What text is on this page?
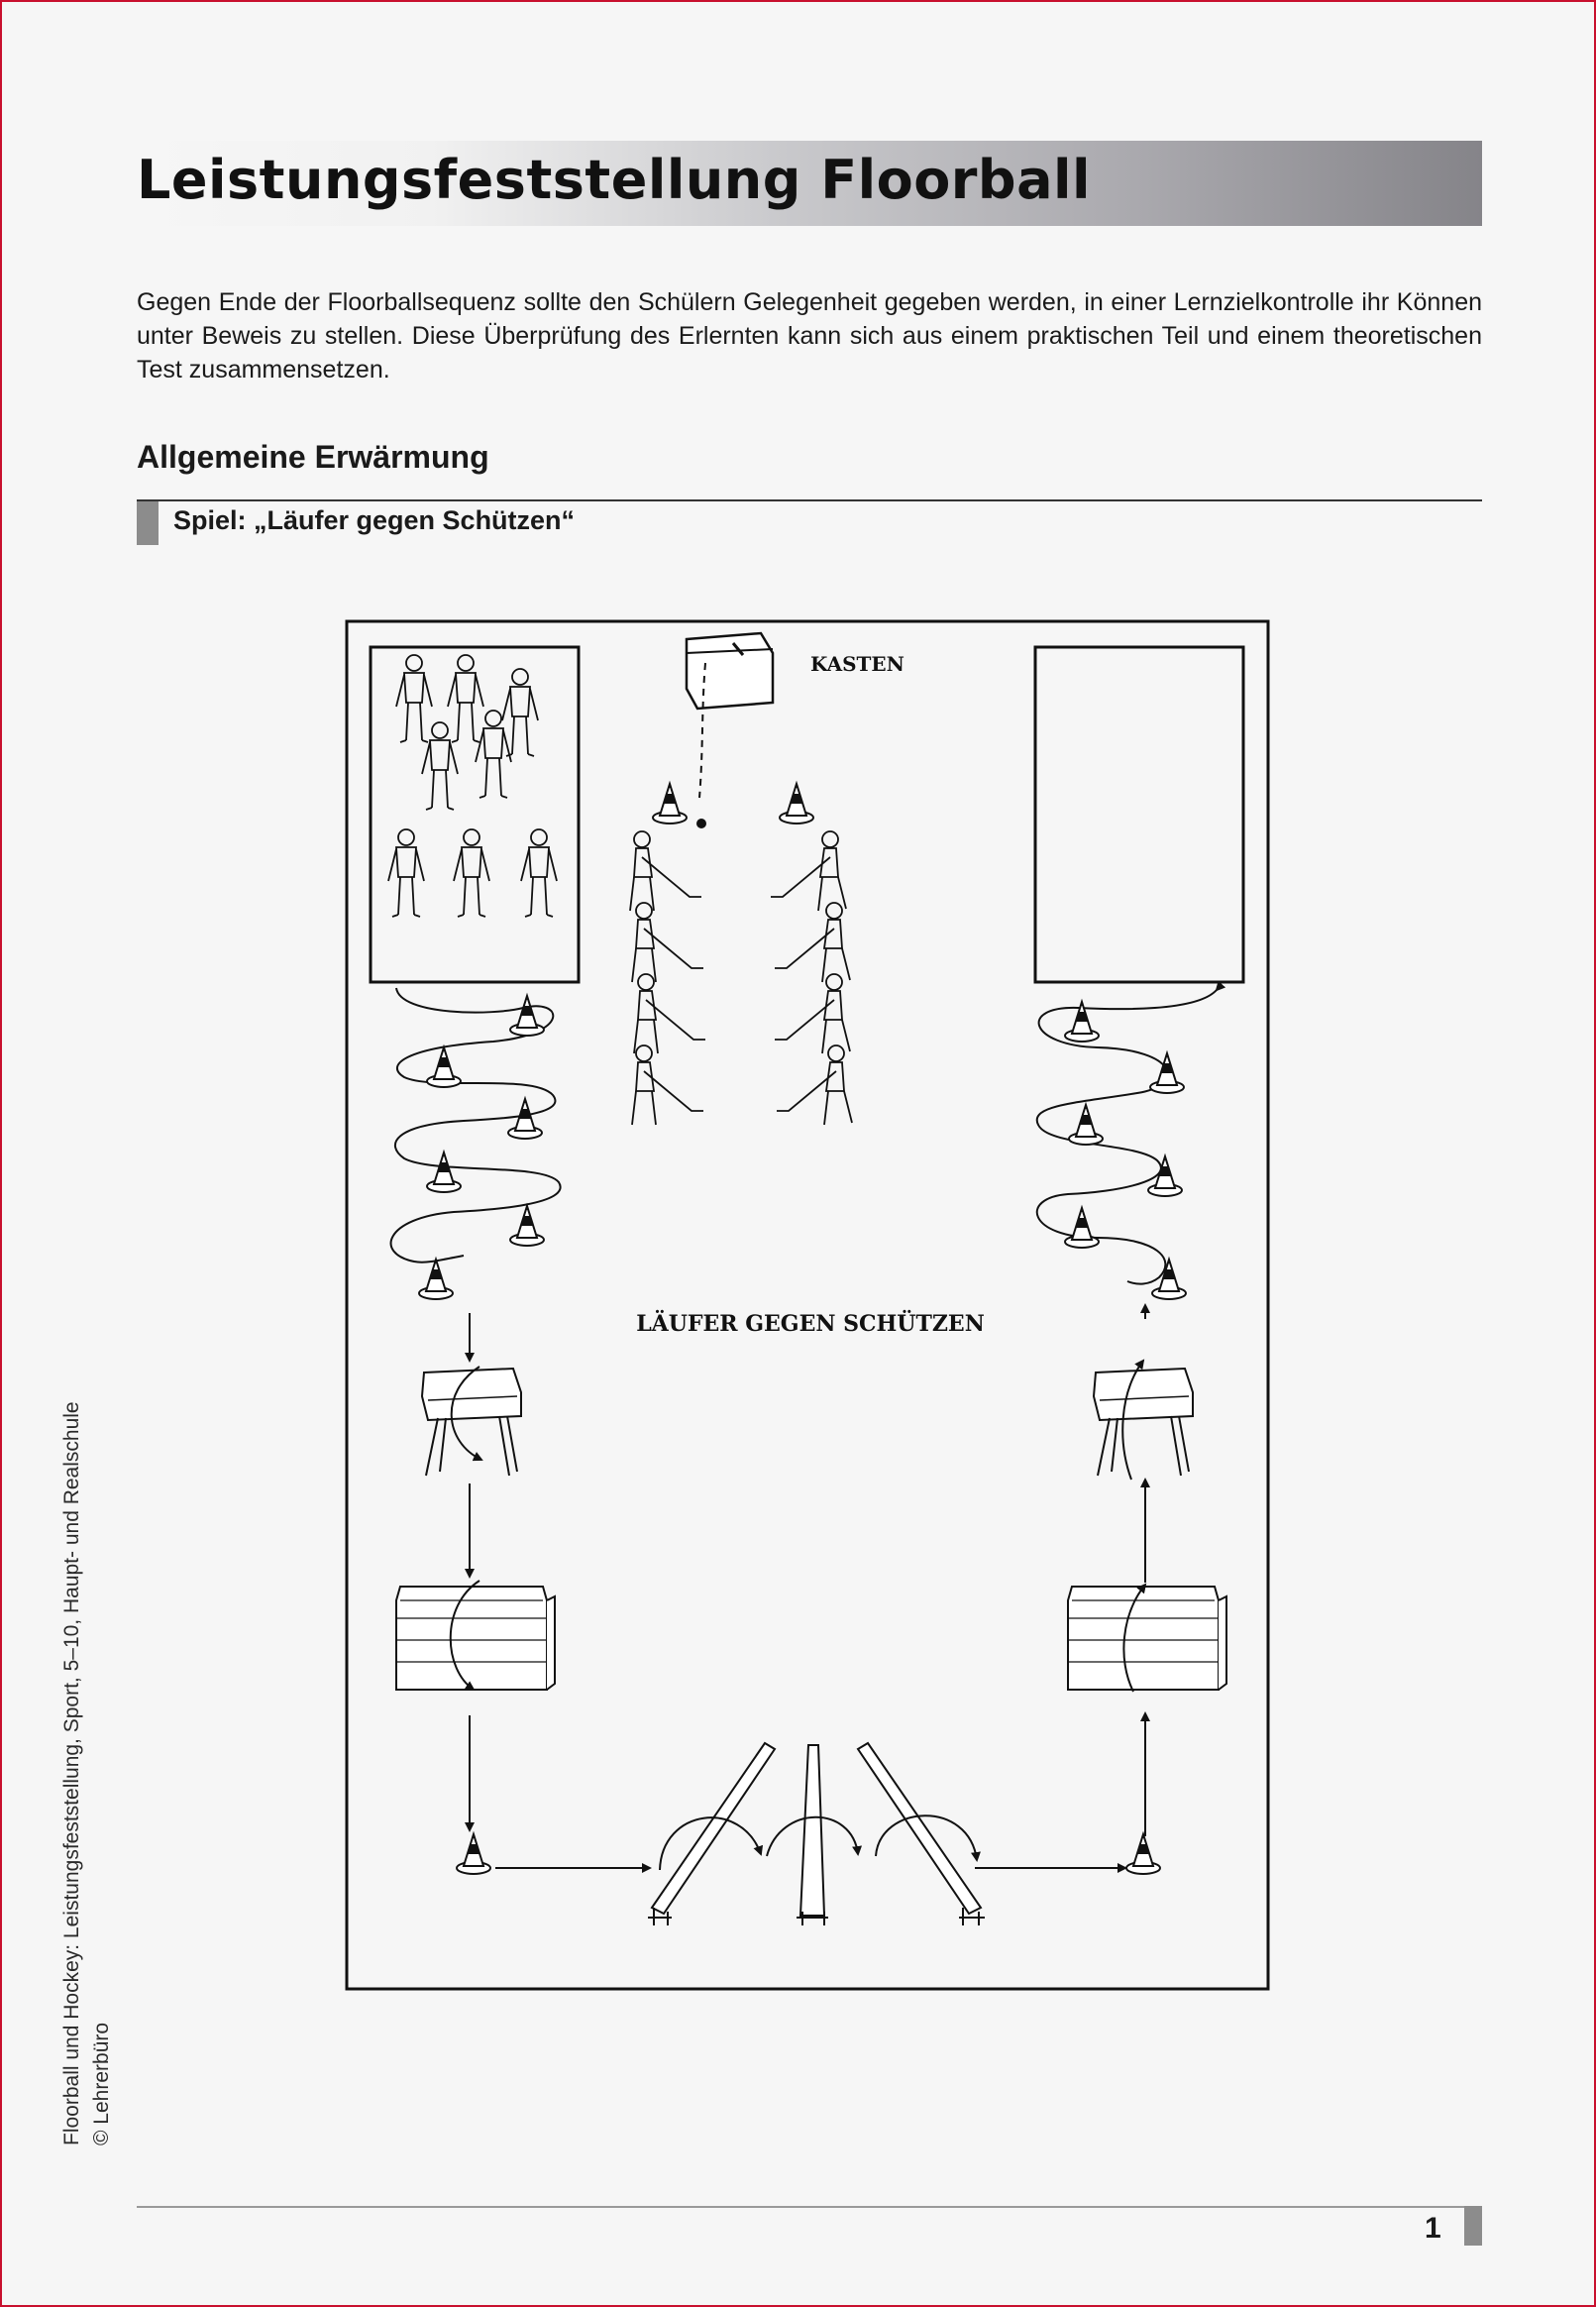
Leistungsfeststellung Floorball
Gegen Ende der Floorballsequenz sollte den Schülern Gelegenheit gegeben werden, in einer Lernzielkontrolle ihr Können unter Beweis zu stellen. Diese Überprüfung des Erlernten kann sich aus einem praktischen Teil und einem theoretischen Test zusammensetzen.
Allgemeine Erwärmung
Spiel: „Läufer gegen Schützen“
KASTEN
LÄUFER GEGEN SCHÜTZEN
Floorball und Hockey: Leistungsfeststellung, Sport, 5–10, Haupt- und Realschule © Lehrerbüro
1
